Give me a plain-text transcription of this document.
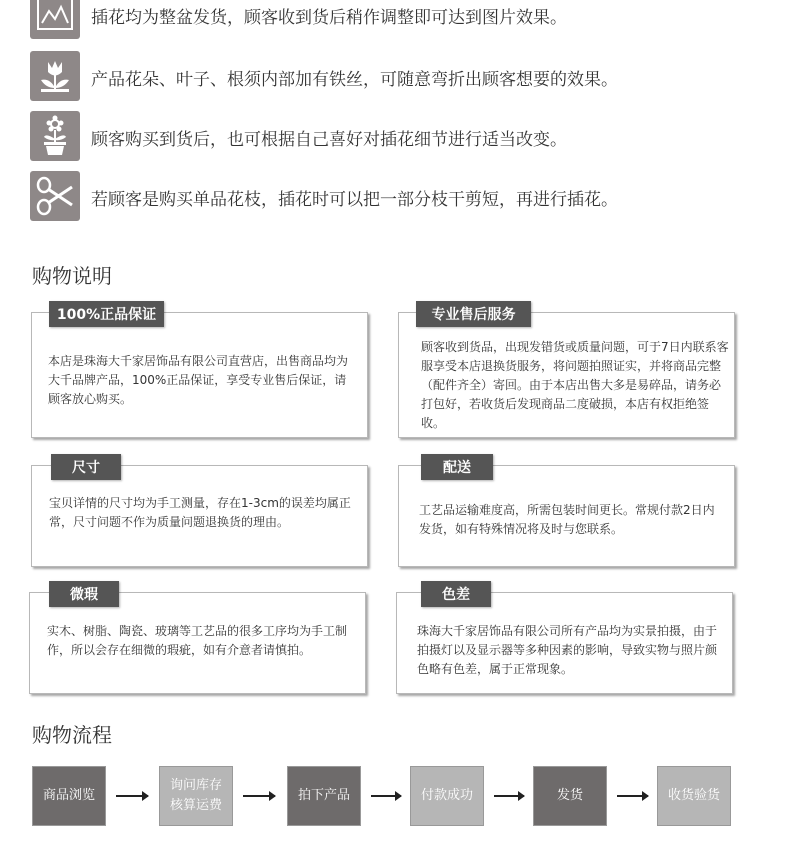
插花均为整盆发货，顾客收到货后稍作调整即可达到图片效果。
产品花朵、叶子、根须内部加有铁丝，可随意弯折出顾客想要的效果。
顾客购买到货后，也可根据自己喜好对插花细节进行适当改变。
若顾客是购买单品花枝，插花时可以把一部分枝干剪短，再进行插花。
购物说明
100%正品保证
本店是珠海大千家居饰品有限公司直营店，出售商品均为大千品牌产品，100%正品保证，享受专业售后保证，请顾客放心购买。
专业售后服务
顾客收到货品，出现发错货或质量问题，可于7日内联系客服享受本店退换货服务，将问题拍照证实，并将商品完整（配件齐全）寄回。由于本店出售大多是易碎品，请务必打包好，若收货后发现商品二度破损，本店有权拒绝签收。
尺寸
宝贝详情的尺寸均为手工测量，存在1-3cm的误差均属正常，尺寸问题不作为质量问题退换货的理由。
配送
工艺品运输难度高，所需包装时间更长。常规付款2日内发货，如有特殊情况将及时与您联系。
微瑕
实木、树脂、陶瓷、玻璃等工艺品的很多工序均为手工制作，所以会存在细微的瑕疵，如有介意者请慎拍。
色差
珠海大千家居饰品有限公司所有产品均为实景拍摄，由于拍摄灯以及显示器等多种因素的影响，导致实物与照片颜色略有色差，属于正常现象。
购物流程
商品浏览
询问库存核算运费
拍下产品	付款成功	发货	收货验货
